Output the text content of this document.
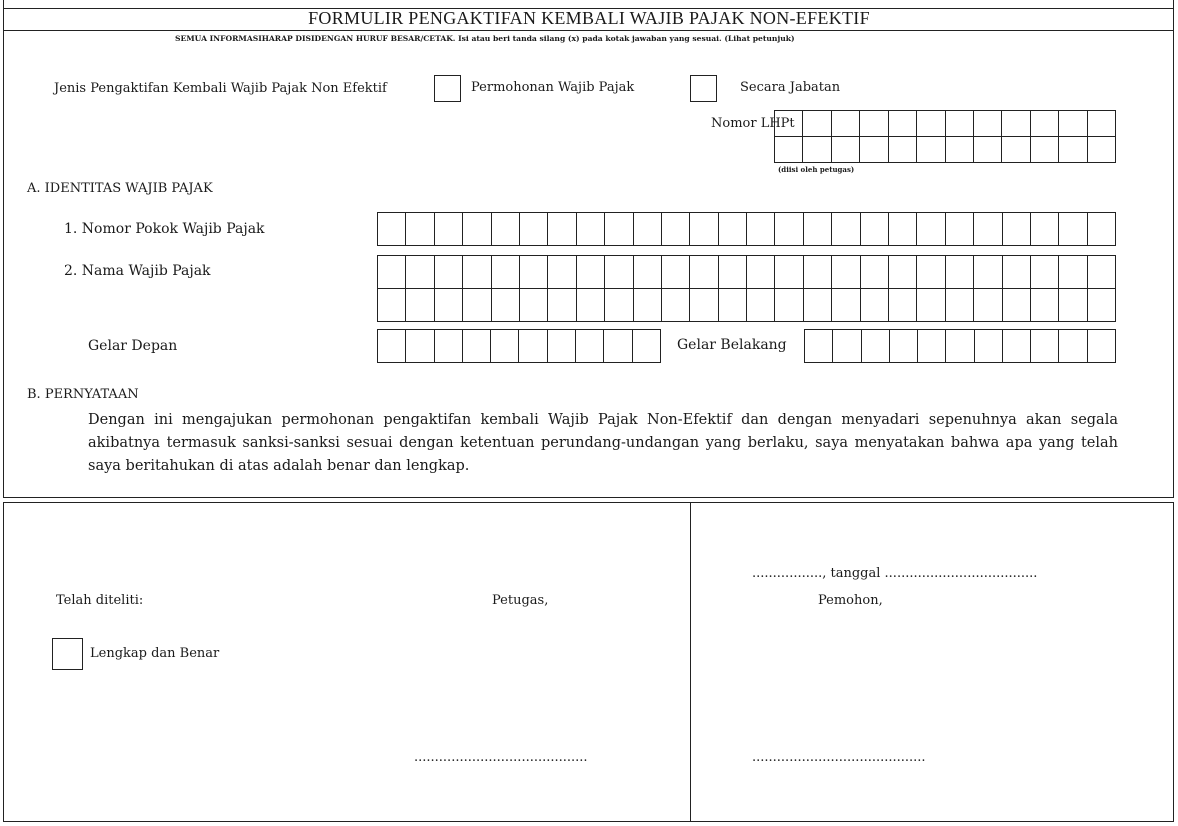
FORMULIR PENGAKTIFAN KEMBALI WAJIB PAJAK NON-EFEKTIF
SEMUA INFORMASIHARAP DISIDENGAN HURUF BESAR/CETAK. Isi atau beri tanda silang (x) pada kotak jawaban yang sesuai. (Lihat petunjuk)
Jenis Pengaktifan Kembali Wajib Pajak Non Efektif	Permohonan Wajib Pajak	Secara Jabatan
Nomor LHPt
(diisi oleh petugas)
A. IDENTITAS WAJIB PAJAK
1. Nomor Pokok Wajib Pajak
2. Nama Wajib Pajak
Gelar Depan	Gelar Belakang
B. PERNYATAAN
Dengan ini mengajukan permohonan pengaktifan kembali Wajib Pajak Non-Efektif dan dengan menyadari sepenuhnya akan segala akibatnya termasuk sanksi-sanksi sesuai dengan ketentuan perundang-undangan yang berlaku, saya menyatakan bahwa apa yang telah saya beritahukan di atas adalah benar dan lengkap.
Telah diteliti:	Petugas,
Lengkap dan Benar
................., tanggal .....................................
Pemohon,
..........................................	..........................................
